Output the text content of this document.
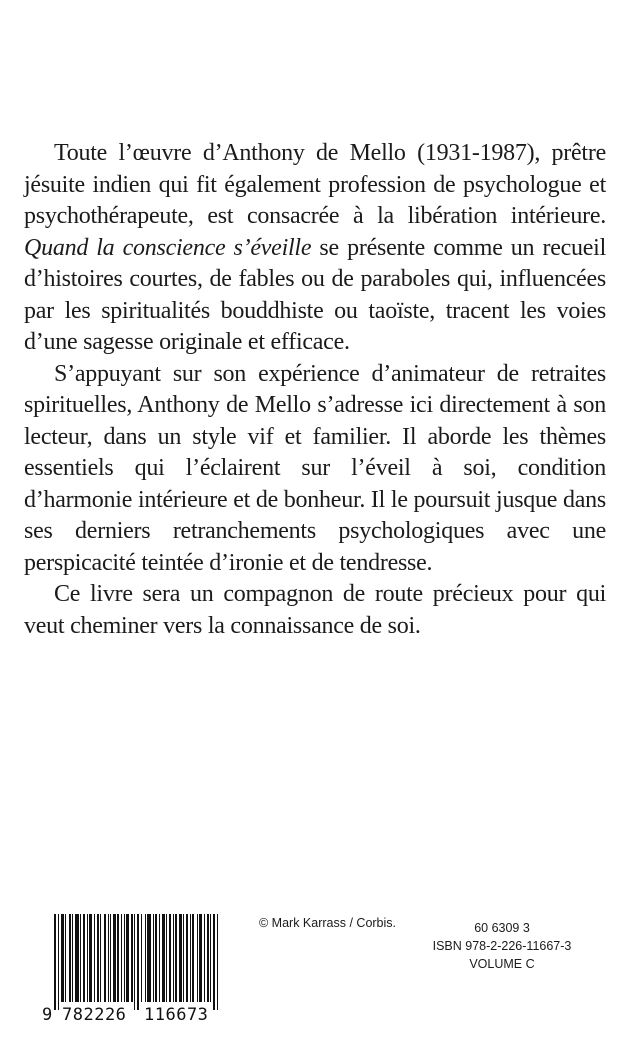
Toute l’œuvre d’Anthony de Mello (1931-1987), prêtre jésuite indien qui fit également profession de psychologue et psychothérapeute, est consacrée à la libération intérieure. Quand la conscience s’éveille se présente comme un recueil d’histoires courtes, de fables ou de paraboles qui, influencées par les spiritualités bouddhiste ou taoïste, tracent les voies d’une sagesse originale et efficace.

S’appuyant sur son expérience d’animateur de retraites spirituelles, Anthony de Mello s’adresse ici directement à son lecteur, dans un style vif et familier. Il aborde les thèmes essentiels qui l’éclairent sur l’éveil à soi, condition d’harmonie intérieure et de bonheur. Il le poursuit jusque dans ses derniers retranchements psychologiques avec une perspicacité teintée d’ironie et de tendresse.

Ce livre sera un compagnon de route précieux pour qui veut cheminer vers la connaissance de soi.

9 782226 116673
© Mark Karrass / Corbis.	60 6309 3
ISBN 978-2-226-11667-3
VOLUME C
